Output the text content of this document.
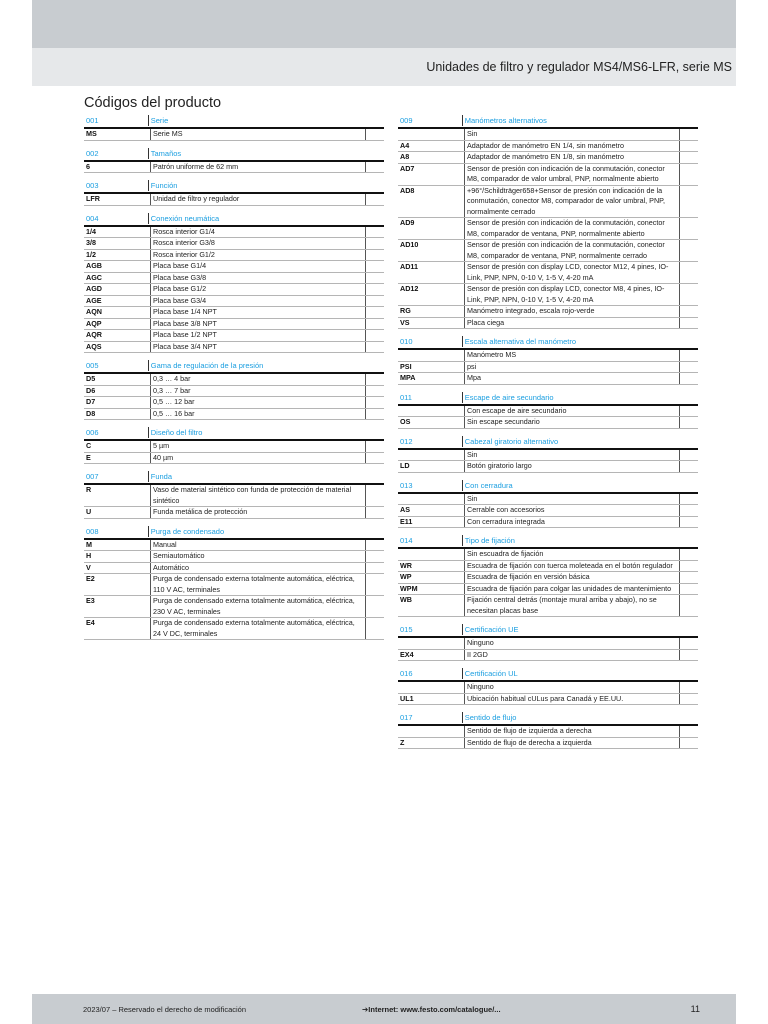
Unidades de filtro y regulador MS4/MS6-LFR, serie MS
Códigos del producto
001	Serie
MS	Serie MS
002	Tamaños
6	Patrón uniforme de 62 mm
003	Función
LFR	Unidad de filtro y regulador
004	Conexión neumática
1/4	Rosca interior G1/4
3/8	Rosca interior G3/8
1/2	Rosca interior G1/2
AGB	Placa base G1/4
AGC	Placa base G3/8
AGD	Placa base G1/2
AGE	Placa base G3/4
AQN	Placa base 1/4 NPT
AQP	Placa base 3/8 NPT
AQR	Placa base 1/2 NPT
AQS	Placa base 3/4 NPT
005	Gama de regulación de la presión
D5	0,3 … 4 bar
D6	0,3 … 7 bar
D7	0,5 … 12 bar
D8	0,5 … 16 bar
006	Diseño del filtro
C	5 µm
E	40 µm
007	Funda
R	Vaso de material sintético con funda de protección de material sintético
U	Funda metálica de protección
008	Purga de condensado
M	Manual
H	Semiautomático
V	Automático
E2	Purga de condensado externa totalmente automática, eléctrica, 110 V AC, terminales
E3	Purga de condensado externa totalmente automática, eléctrica, 230 V AC, terminales
E4	Purga de condensado externa totalmente automática, eléctrica, 24 V DC, terminales
009	Manómetros alternativos
Sin
A4	Adaptador de manómetro EN 1/4, sin manómetro
A8	Adaptador de manómetro EN 1/8, sin manómetro
AD7	Sensor de presión con indicación de la conmutación, conector M8, comparador de valor umbral, PNP, normalmente abierto
AD8	+96°/Schildträger658+Sensor de presión con indicación de la conmutación, conector M8, comparador de valor umbral, PNP, normalmente cerrado
AD9	Sensor de presión con indicación de la conmutación, conector M8, comparador de ventana, PNP, normalmente abierto
AD10	Sensor de presión con indicación de la conmutación, conector M8, comparador de ventana, PNP, normalmente cerrado
AD11	Sensor de presión con display LCD, conector M12, 4 pines, IO-Link, PNP, NPN, 0-10 V, 1-5 V, 4-20 mA
AD12	Sensor de presión con display LCD, conector M8, 4 pines, IO-Link, PNP, NPN, 0-10 V, 1-5 V, 4-20 mA
RG	Manómetro integrado, escala rojo-verde
VS	Placa ciega
010	Escala alternativa del manómetro
Manómetro MS
PSI	psi
MPA	Mpa
011	Escape de aire secundario
Con escape de aire secundario
OS	Sin escape secundario
012	Cabezal giratorio alternativo
Sin
LD	Botón giratorio largo
013	Con cerradura
Sin
AS	Cerrable con accesorios
E11	Con cerradura integrada
014	Tipo de fijación
Sin escuadra de fijación
WR	Escuadra de fijación con tuerca moleteada en el botón regulador
WP	Escuadra de fijación en versión básica
WPM	Escuadra de fijación para colgar las unidades de mantenimiento
WB	Fijación central detrás (montaje mural arriba y abajo), no se necesitan placas base
015	Certificación UE
Ninguno
EX4	II 2GD
016	Certificación UL
Ninguno
UL1	Ubicación habitual cULus para Canadá y EE.UU.
017	Sentido de flujo
Sentido de flujo de izquierda a derecha
Z	Sentido de flujo de derecha a izquierda
2023/07 – Reservado el derecho de modificación	➔Internet: www.festo.com/catalogue/...	11
